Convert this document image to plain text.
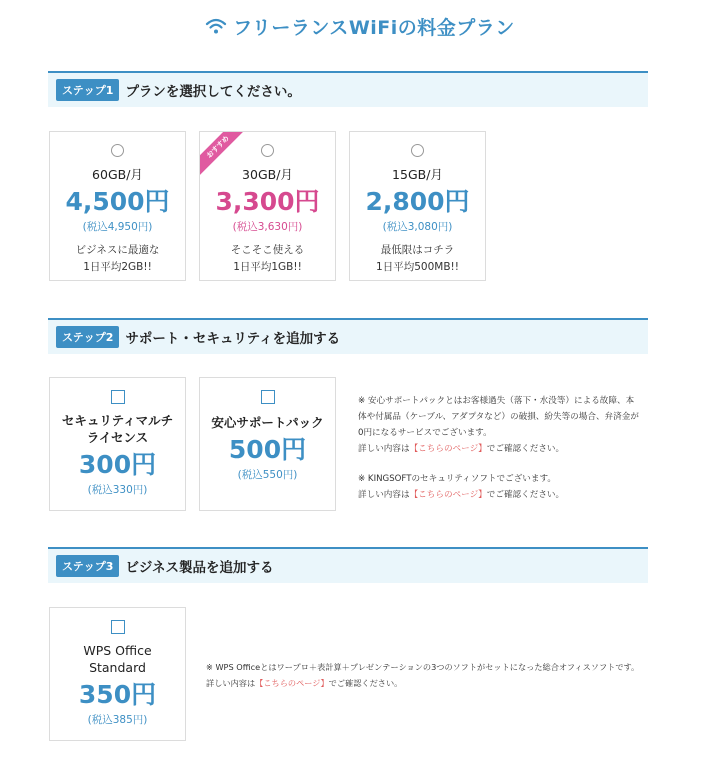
フリーランスWiFiの料金プラン
ステップ1 プランを選択してください。
60GB/月
4,500円
(税込4,950円)
ビジネスに最適な
1日平均2GB!!
おすすめ
30GB/月
3,300円
(税込3,630円)
そこそこ使える
1日平均1GB!!
15GB/月
2,800円
(税込3,080円)
最低限はコチラ
1日平均500MB!!
ステップ2 サポート・セキュリティを追加する
セキュリティマルチライセンス
300円
(税込330円)
安心サポートパック
500円
(税込550円)
※ 安心サポートパックとはお客様過失（落下・水没等）による故障、本
体や付属品（ケーブル、アダプタなど）の破損、紛失等の場合、弁済金が
0円になるサービスでございます。
詳しい内容は【こちらのページ】でご確認ください。
※ KINGSOFTのセキュリティソフトでございます。
詳しい内容は【こちらのページ】でご確認ください。
ステップ3 ビジネス製品を追加する
WPS Office Standard
350円
(税込385円)
※ WPS Officeとはワープロ＋表計算＋プレゼンテーションの3つのソフトがセットになった総合オフィスソフトです。
詳しい内容は【こちらのページ】でご確認ください。
